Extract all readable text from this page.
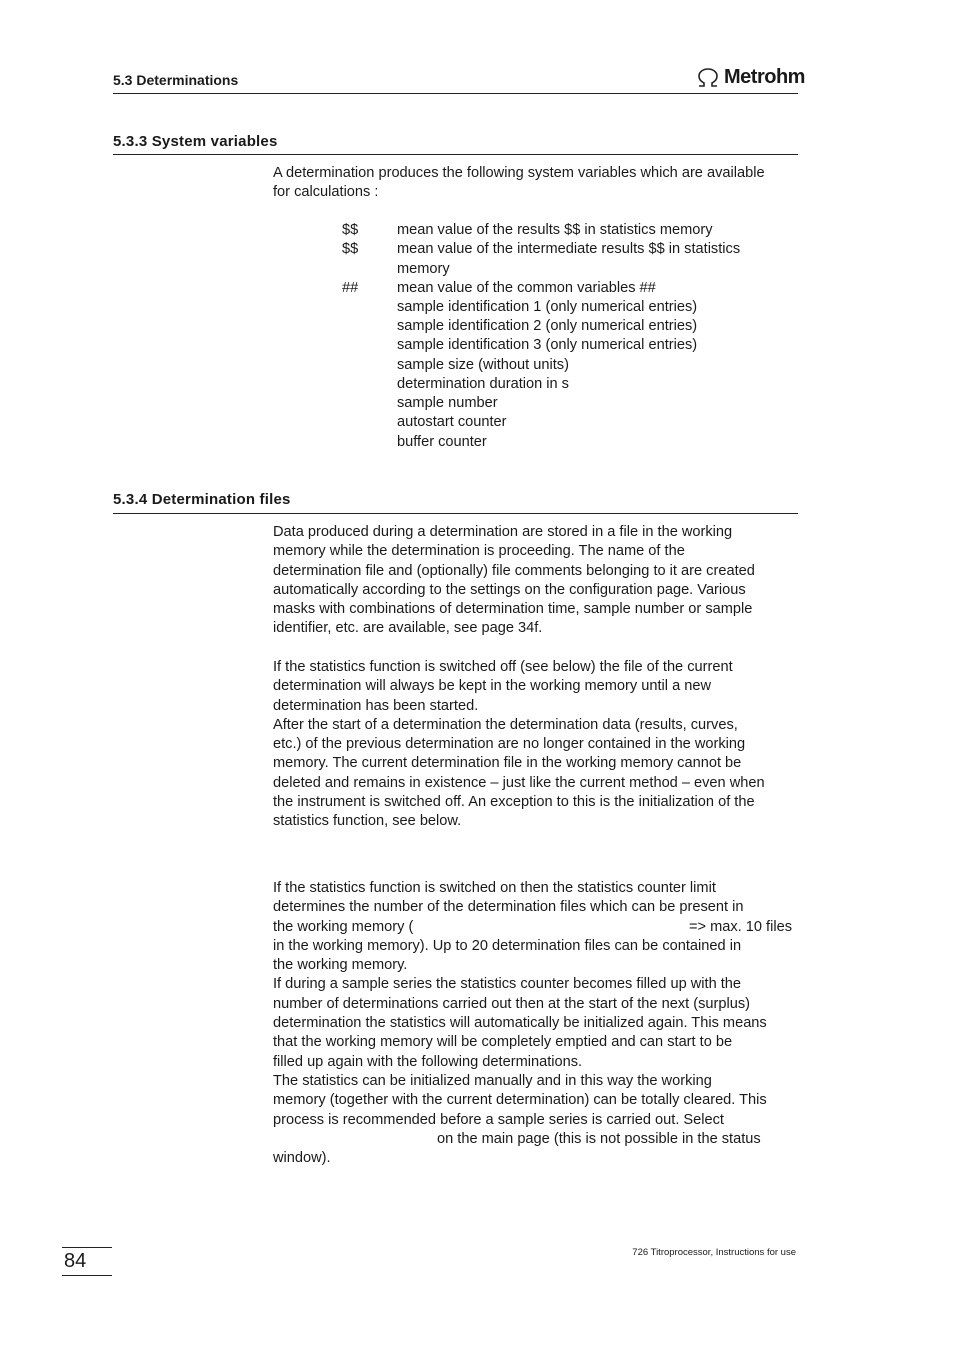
5.3 Determinations	Metrohm
5.3.3 System variables
A determination produces the following system variables which are available
for calculations :
$$	mean value of the results $$ in statistics memory
$$	mean value of the intermediate results $$ in statistics
memory
##	mean value of the common variables ##
sample identification 1 (only numerical entries)
sample identification 2 (only numerical entries)
sample identification 3 (only numerical entries)
sample size (without units)
determination duration in s
sample number
autostart counter
buffer counter
5.3.4 Determination files
Data produced during a determination are stored in a file in the working
memory while the determination is proceeding. The name of the
determination file and (optionally) file comments belonging to it are created
automatically according to the settings on the configuration page. Various
masks with combinations of determination time, sample number or sample
identifier, etc. are available, see page 34f.
If the statistics function is switched off (see below) the file of the current
determination will always be kept in the working memory until a new
determination has been started.
After the start of a determination the determination data (results, curves,
etc.) of the previous determination are no longer contained in the working
memory. The current determination file in the working memory cannot be
deleted and remains in existence – just like the current method – even when
the instrument is switched off. An exception to this is the initialization of the
statistics function, see below.
If the statistics function is switched on then the statistics counter limit
determines the number of the determination files which can be present in
the working memory (	=> max. 10 files
in the working memory). Up to 20 determination files can be contained in
the working memory.
If during a sample series the statistics counter becomes filled up with the
number of determinations carried out then at the start of the next (surplus)
determination the statistics will automatically be initialized again. This means
that the working memory will be completely emptied and can start to be
filled up again with the following determinations.
The statistics can be initialized manually and in this way the working
memory (together with the current determination) can be totally cleared. This
process is recommended before a sample series is carried out. Select
on the main page (this is not possible in the status
window).
84	726 Titroprocessor, Instructions for use
